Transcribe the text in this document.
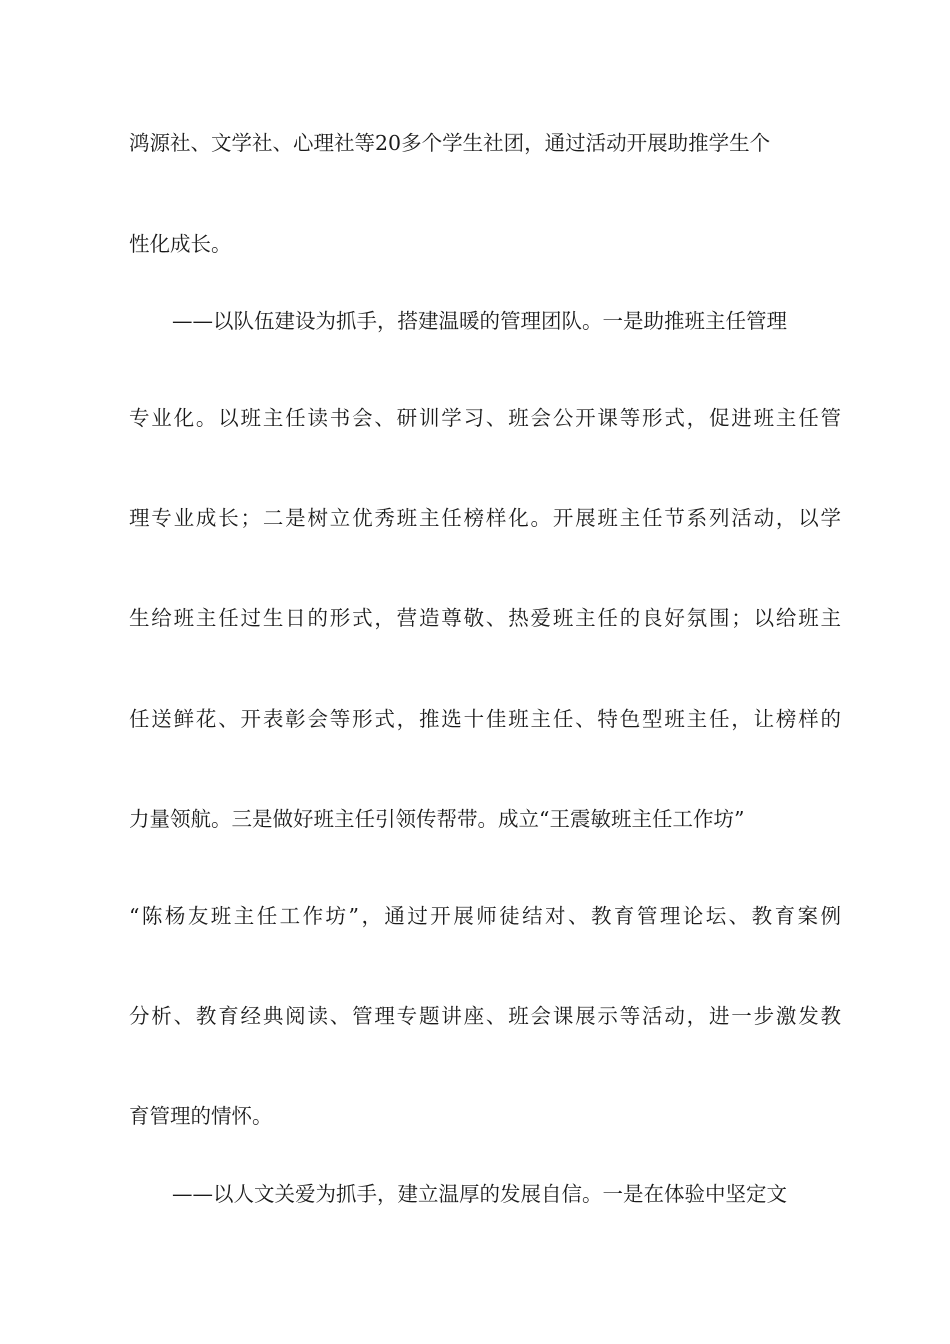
鸿源社、文学社、心理社等20多个学生社团，通过活动开展助推学生个
性化成长。
——以队伍建设为抓手，搭建温暖的管理团队。一是助推班主任管理
专业化。以班主任读书会、研训学习、班会公开课等形式，促进班主任管
理专业成长；二是树立优秀班主任榜样化。开展班主任节系列活动，以学
生给班主任过生日的形式，营造尊敬、热爱班主任的良好氛围；以给班主
任送鲜花、开表彰会等形式，推选十佳班主任、特色型班主任，让榜样的
力量领航。三是做好班主任引领传帮带。成立“王震敏班主任工作坊”
“陈杨友班主任工作坊”，通过开展师徒结对、教育管理论坛、教育案例
分析、教育经典阅读、管理专题讲座、班会课展示等活动，进一步激发教
育管理的情怀。
——以人文关爱为抓手，建立温厚的发展自信。一是在体验中坚定文
